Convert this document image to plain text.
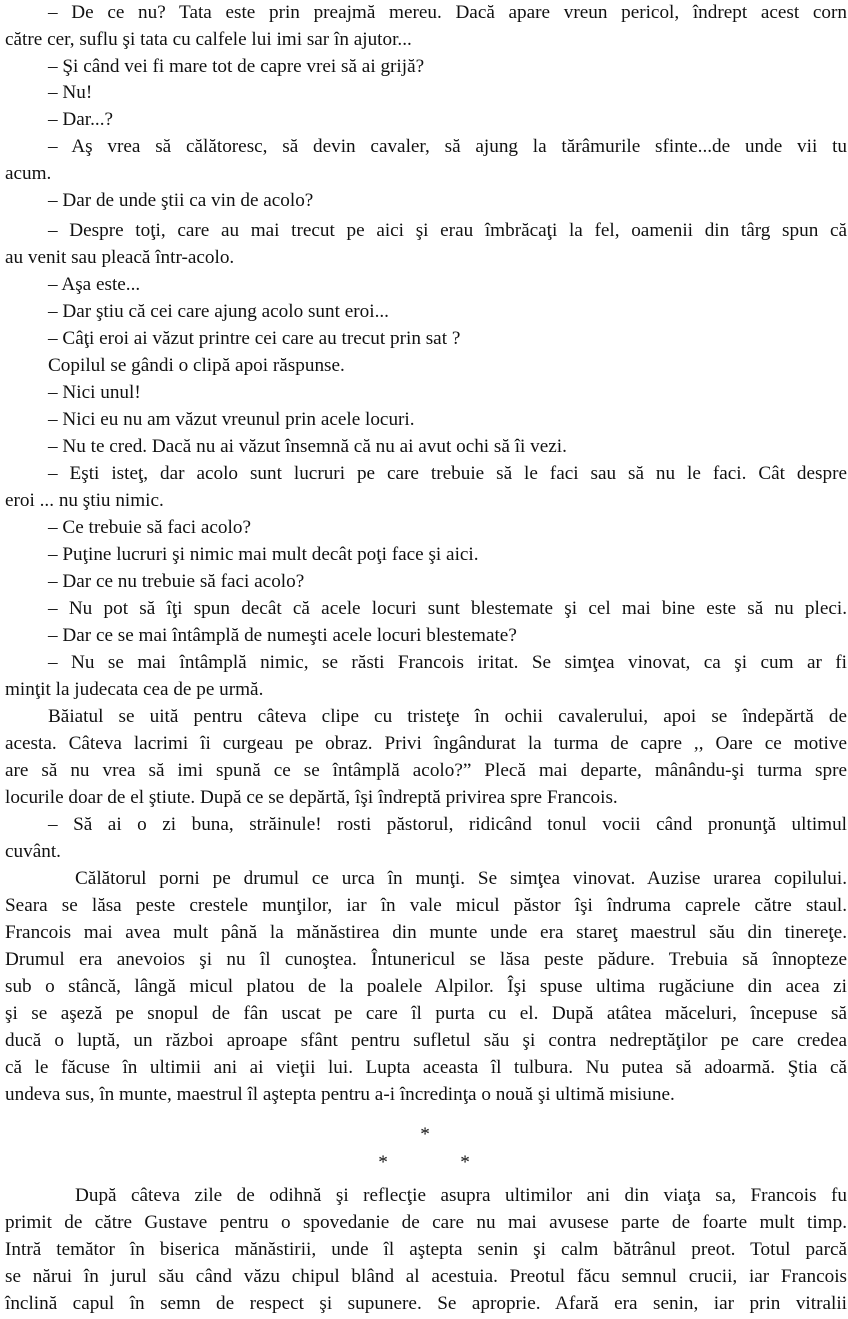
– De ce nu? Tata este prin preajmă mereu. Dacă apare vreun pericol, îndrept acest corn
către cer, suflu şi tata cu calfele lui imi sar în ajutor...
– Şi când vei fi mare tot de capre vrei să ai grijă?
– Nu!
– Dar...?
– Aş vrea să călătoresc, să devin cavaler, să ajung la tărâmurile sfinte...de unde vii tu
acum.
– Dar de unde ştii ca vin de acolo?
– Despre toţi, care au mai trecut pe aici şi erau îmbrăcaţi la fel, oamenii din târg spun că
au venit sau pleacă într-acolo.
– Aşa este...
– Dar ştiu că cei care ajung acolo sunt eroi...
– Câţi eroi ai văzut printre cei care au trecut prin sat ?
Copilul se gândi o clipă apoi răspunse.
– Nici unul!
– Nici eu nu am văzut vreunul prin acele locuri.
– Nu te cred. Dacă nu ai văzut însemnă că nu ai avut ochi să îi vezi.
– Eşti isteţ, dar acolo sunt lucruri pe care trebuie să le faci sau să nu le faci. Cât despre
eroi ... nu ştiu nimic.
– Ce trebuie să faci acolo?
– Puţine lucruri şi nimic mai mult decât poţi face şi aici.
– Dar ce nu trebuie să faci acolo?
– Nu pot să îţi spun decât că acele locuri sunt blestemate şi cel mai bine este să nu pleci.
– Dar ce se mai întâmplă de numeşti acele locuri blestemate?
– Nu se mai întâmplă nimic, se răsti Francois iritat. Se simţea vinovat, ca şi cum ar fi
minţit la judecata cea de pe urmă.
Băiatul se uită pentru câteva clipe cu tristeţe în ochii cavalerului, apoi se îndepărtă de
acesta. Câteva lacrimi îi curgeau pe obraz. Privi îngândurat la turma de capre ,, Oare ce motive
are să nu vrea să imi spună ce se întâmplă acolo?” Plecă mai departe, mânându-şi turma spre
locurile doar de el ştiute. După ce se depărtă, îşi îndreptă privirea spre Francois.
– Să ai o zi buna, străinule! rosti păstorul, ridicând tonul vocii când pronunţă ultimul
cuvânt.
Călătorul porni pe drumul ce urca în munţi. Se simţea vinovat. Auzise urarea copilului.
Seara se lăsa peste crestele munţilor, iar în vale micul păstor îşi îndruma caprele către staul.
Francois mai avea mult până la mănăstirea din munte unde era stareţ maestrul său din tinereţe.
Drumul era anevoios şi nu îl cunoştea. Întunericul se lăsa peste pădure. Trebuia să înnopteze
sub o stâncă, lângă micul platou de la poalele Alpilor. Îşi spuse ultima rugăciune din acea zi
şi se aşeză pe snopul de fân uscat pe care îl purta cu el. După atâtea măceluri, începuse să
ducă o luptă, un război aproape sfânt pentru sufletul său şi contra nedreptăţilor pe care credea
că le făcuse în ultimii ani ai vieţii lui. Lupta aceasta îl tulbura. Nu putea să adoarmă. Ştia că
undeva sus, în munte, maestrul îl aştepta pentru a-i încredinţa o nouă şi ultimă misiune.
*
*	*
După câteva zile de odihnă şi reflecţie asupra ultimilor ani din viaţa sa, Francois fu
primit de către Gustave pentru o spovedanie de care nu mai avusese parte de foarte mult timp.
Intră temător în biserica mănăstirii, unde îl aştepta senin şi calm bătrânul preot. Totul parcă
se nărui în jurul său când văzu chipul blând al acestuia. Preotul făcu semnul crucii, iar Francois
înclină capul în semn de respect şi supunere. Se aproprie. Afară era senin, iar prin vitralii
